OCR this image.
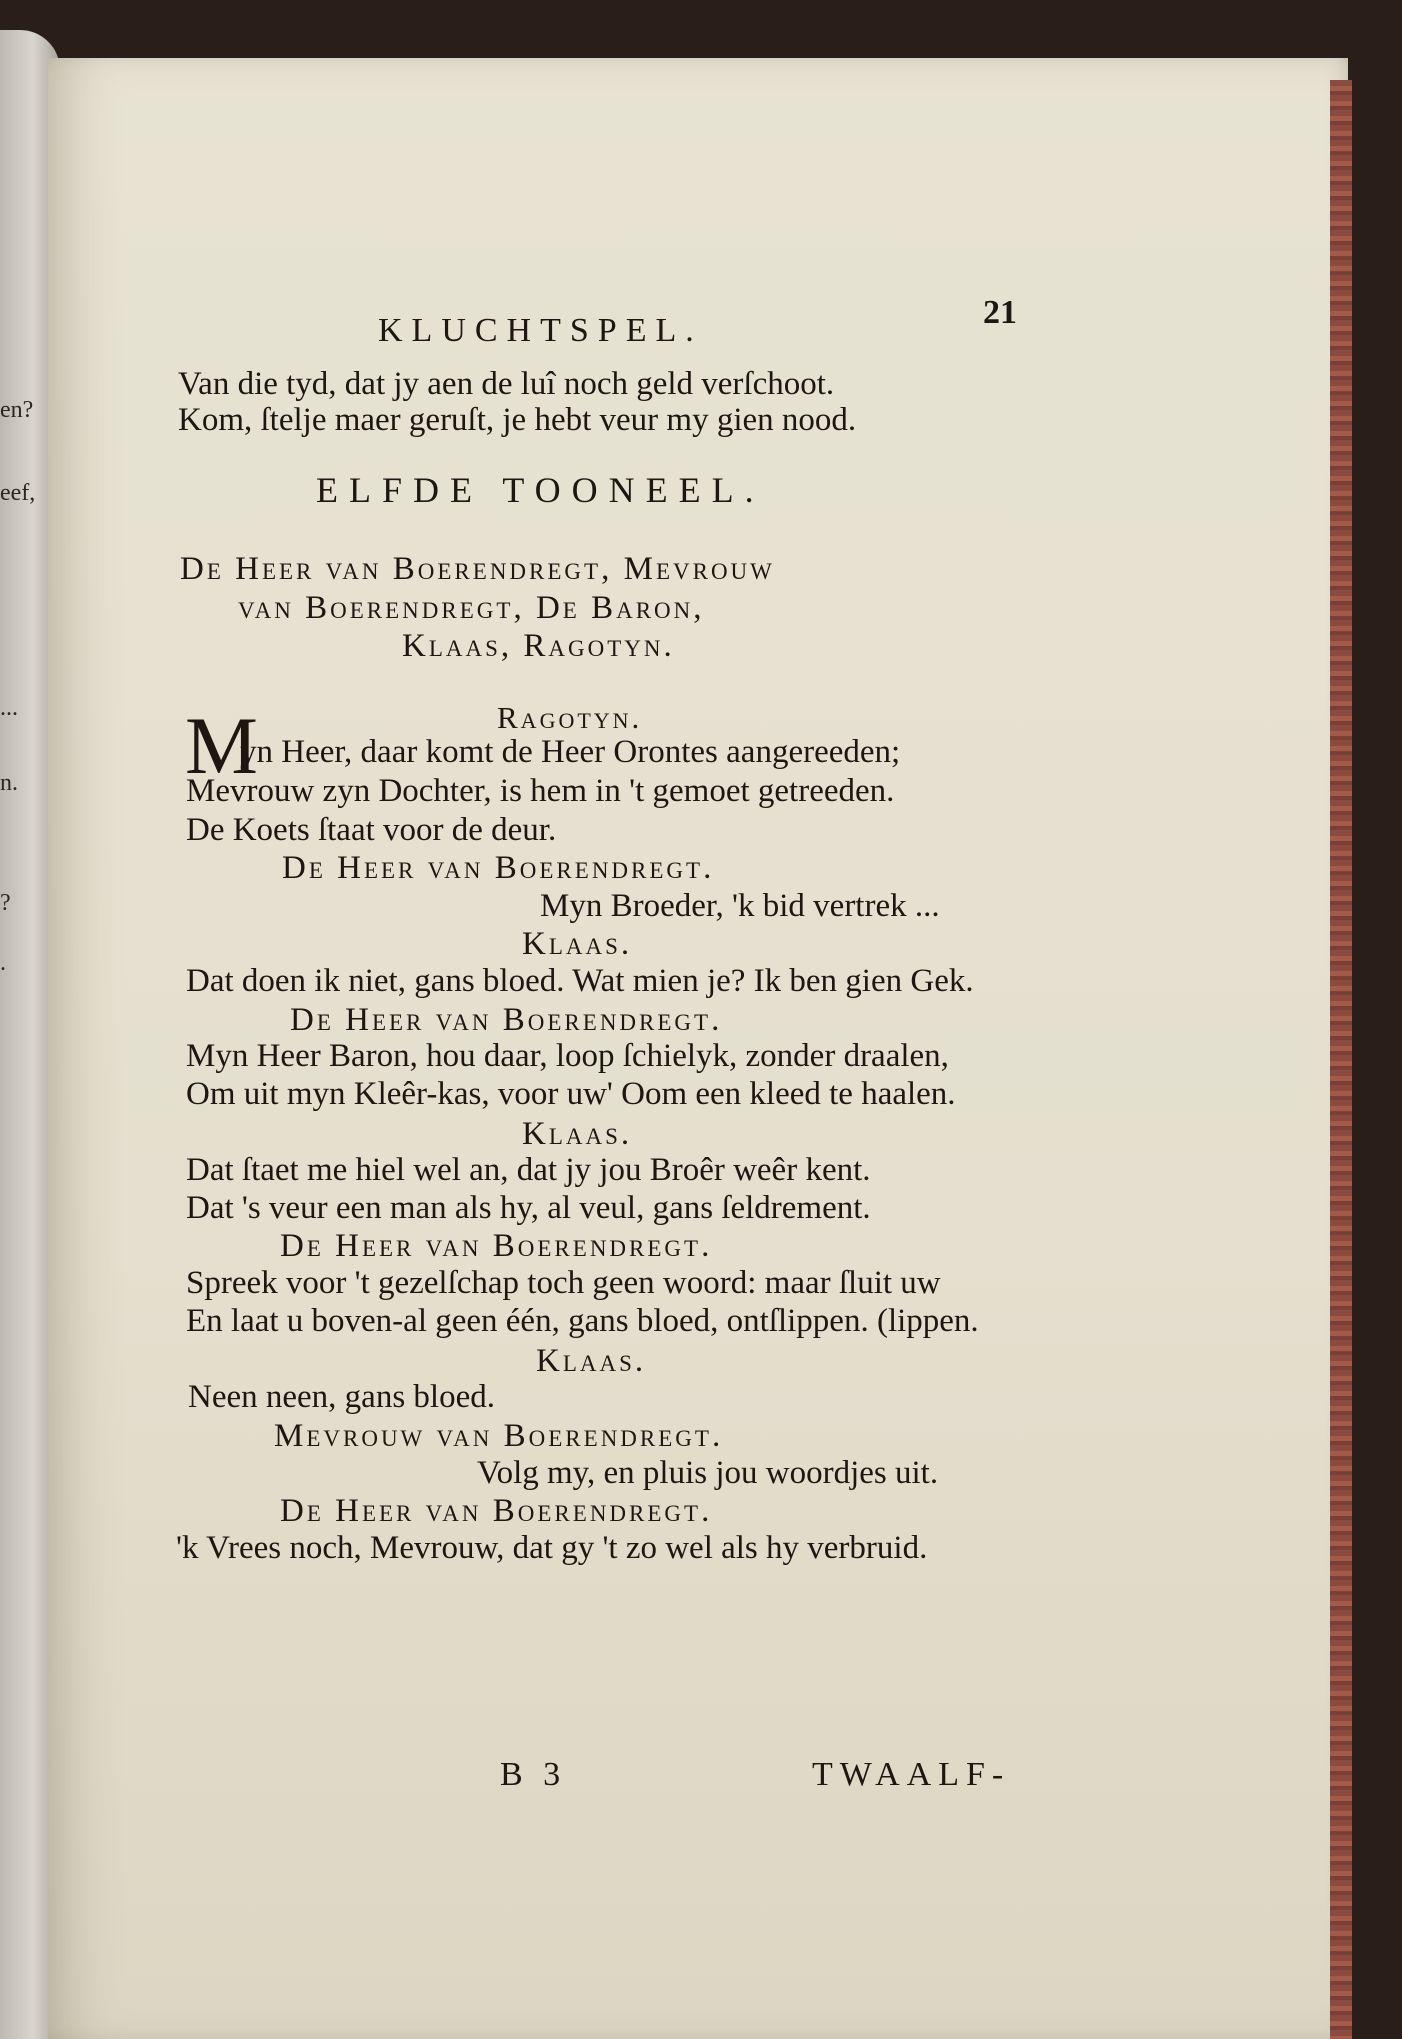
en?
eef,
...
n.
?
.
KLUCHTSPEL.	21
Van die tyd, dat jy aen de luî noch geld verſchoot.
Kom, ſtelje maer geruſt, je hebt veur my gien nood.
ELFDE TOONEEL.
De Heer van Boerendregt, Mevrouw
van Boerendregt, De Baron,
Klaas, Ragotyn.
Ragotyn.
M
yn Heer, daar komt de Heer Orontes aangereeden;
Mevrouw zyn Dochter, is hem in 't gemoet getreeden.
De Koets ſtaat voor de deur.
De Heer van Boerendregt.
Myn Broeder, 'k bid vertrek ...
Klaas.
Dat doen ik niet, gans bloed. Wat mien je? Ik ben gien Gek.
De Heer van Boerendregt.
Myn Heer Baron, hou daar, loop ſchielyk, zonder draalen,
Om uit myn Kleêr-kas, voor uw' Oom een kleed te haalen.
Klaas.
Dat ſtaet me hiel wel an, dat jy jou Broêr weêr kent.
Dat 's veur een man als hy, al veul, gans ſeldrement.
De Heer van Boerendregt.
Spreek voor 't gezelſchap toch geen woord: maar ſluit uw
En laat u boven-al geen één, gans bloed, ontſlippen. (lippen.
Klaas.
Neen neen, gans bloed.
Mevrouw van Boerendregt.
Volg my, en pluis jou woordjes uit.
De Heer van Boerendregt.
'k Vrees noch, Mevrouw, dat gy 't zo wel als hy verbruid.
B 3	TWAALF-
